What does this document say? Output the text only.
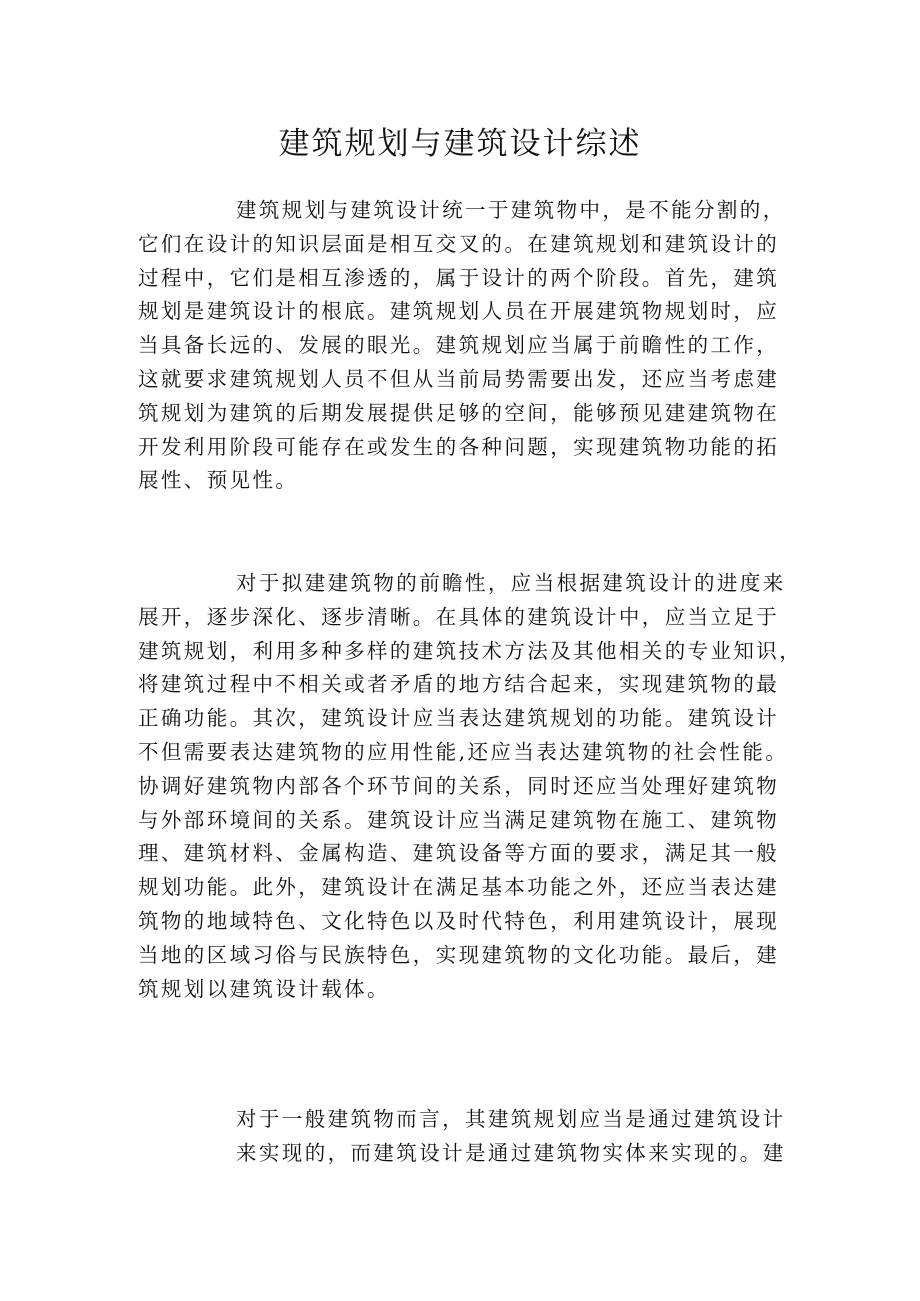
建筑规划与建筑设计综述
建筑规划与建筑设计统一于建筑物中，是不能分割的，
它们在设计的知识层面是相互交叉的。在建筑规划和建筑设计的
过程中，它们是相互渗透的，属于设计的两个阶段。首先，建筑
规划是建筑设计的根底。建筑规划人员在开展建筑物规划时，应
当具备长远的、发展的眼光。建筑规划应当属于前瞻性的工作，
这就要求建筑规划人员不但从当前局势需要出发，还应当考虑建
筑规划为建筑的后期发展提供足够的空间，能够预见建建筑物在
开发利用阶段可能存在或发生的各种问题，实现建筑物功能的拓
展性、预见性。
对于拟建建筑物的前瞻性，应当根据建筑设计的进度来
展开，逐步深化、逐步清晰。在具体的建筑设计中，应当立足于
建筑规划，利用多种多样的建筑技术方法及其他相关的专业知识，
将建筑过程中不相关或者矛盾的地方结合起来，实现建筑物的最
正确功能。其次，建筑设计应当表达建筑规划的功能。建筑设计
不但需要表达建筑物的应用性能,还应当表达建筑物的社会性能。
协调好建筑物内部各个环节间的关系，同时还应当处理好建筑物
与外部环境间的关系。建筑设计应当满足建筑物在施工、建筑物
理、建筑材料、金属构造、建筑设备等方面的要求，满足其一般
规划功能。此外，建筑设计在满足基本功能之外，还应当表达建
筑物的地域特色、文化特色以及时代特色，利用建筑设计，展现
当地的区域习俗与民族特色，实现建筑物的文化功能。最后，建
筑规划以建筑设计载体。
对于一般建筑物而言，其建筑规划应当是通过建筑设计
来实现的，而建筑设计是通过建筑物实体来实现的。建
